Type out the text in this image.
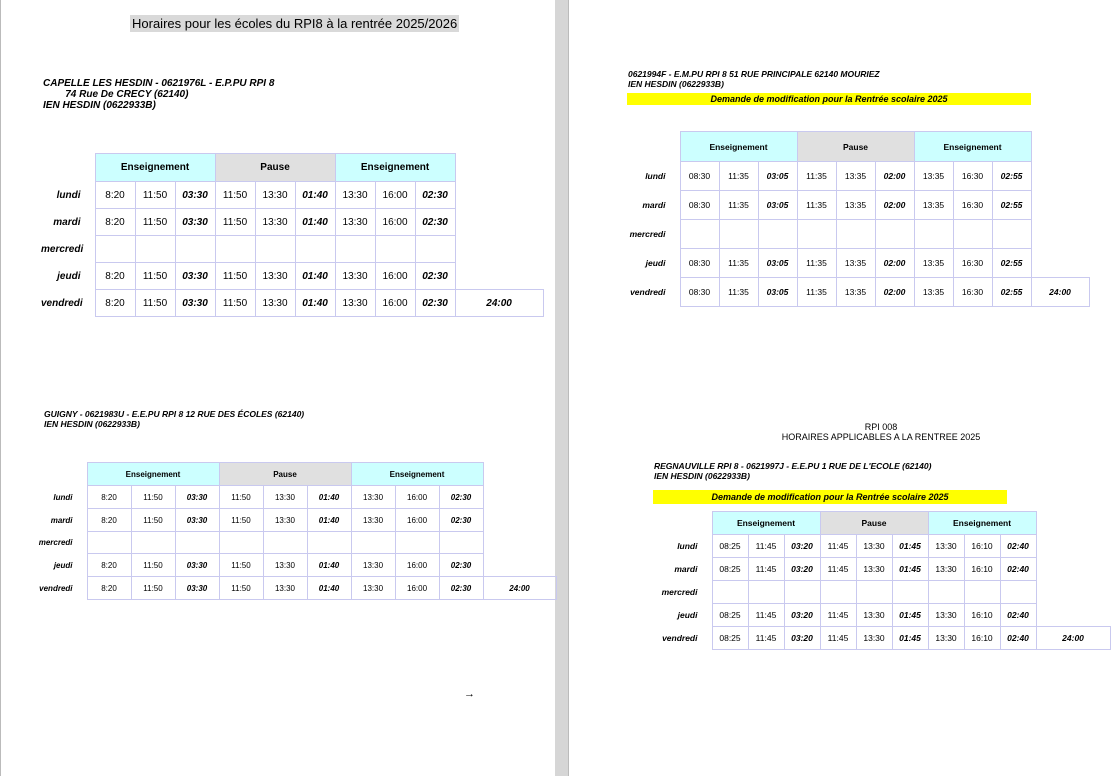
Horaires pour les écoles du RPI8 à la rentrée 2025/2026
CAPELLE LES HESDIN - 0621976L - E.P.PU RPI 8
74 Rue De CRECY (62140)
IEN HESDIN (0622933B)
	Enseignement			Pause			Enseignement			
lundi	8:20	11:50	03:30	11:50	13:30	01:40	13:30	16:00	02:30	
mardi	8:20	11:50	03:30	11:50	13:30	01:40	13:30	16:00	02:30	
mercredi										
jeudi	8:20	11:50	03:30	11:50	13:30	01:40	13:30	16:00	02:30	
vendredi	8:20	11:50	03:30	11:50	13:30	01:40	13:30	16:00	02:30	24:00
GUIGNY - 0621983U - E.E.PU RPI 8 12 RUE DES ÉCOLES (62140)
IEN HESDIN (0622933B)
	Enseignement			Pause			Enseignement			
lundi	8:20	11:50	03:30	11:50	13:30	01:40	13:30	16:00	02:30	
mardi	8:20	11:50	03:30	11:50	13:30	01:40	13:30	16:00	02:30	
mercredi										
jeudi	8:20	11:50	03:30	11:50	13:30	01:40	13:30	16:00	02:30	
vendredi	8:20	11:50	03:30	11:50	13:30	01:40	13:30	16:00	02:30	24:00
→
0621994F - E.M.PU RPI 8 51 RUE PRINCIPALE 62140 MOURIEZ
IEN HESDIN (0622933B)
Demande de modification pour la Rentrée scolaire 2025
	Enseignement			Pause			Enseignement			
lundi	08:30	11:35	03:05	11:35	13:35	02:00	13:35	16:30	02:55	
mardi	08:30	11:35	03:05	11:35	13:35	02:00	13:35	16:30	02:55	
mercredi										
jeudi	08:30	11:35	03:05	11:35	13:35	02:00	13:35	16:30	02:55	
vendredi	08:30	11:35	03:05	11:35	13:35	02:00	13:35	16:30	02:55	24:00
RPI 008
HORAIRES APPLICABLES A LA RENTREE 2025
REGNAUVILLE RPI 8 - 0621997J - E.E.PU 1 RUE DE L'ECOLE (62140)
IEN HESDIN (0622933B)
Demande de modification pour la Rentrée scolaire 2025
	Enseignement			Pause			Enseignement			
lundi	08:25	11:45	03:20	11:45	13:30	01:45	13:30	16:10	02:40	
mardi	08:25	11:45	03:20	11:45	13:30	01:45	13:30	16:10	02:40	
mercredi										
jeudi	08:25	11:45	03:20	11:45	13:30	01:45	13:30	16:10	02:40	
vendredi	08:25	11:45	03:20	11:45	13:30	01:45	13:30	16:10	02:40	24:00
